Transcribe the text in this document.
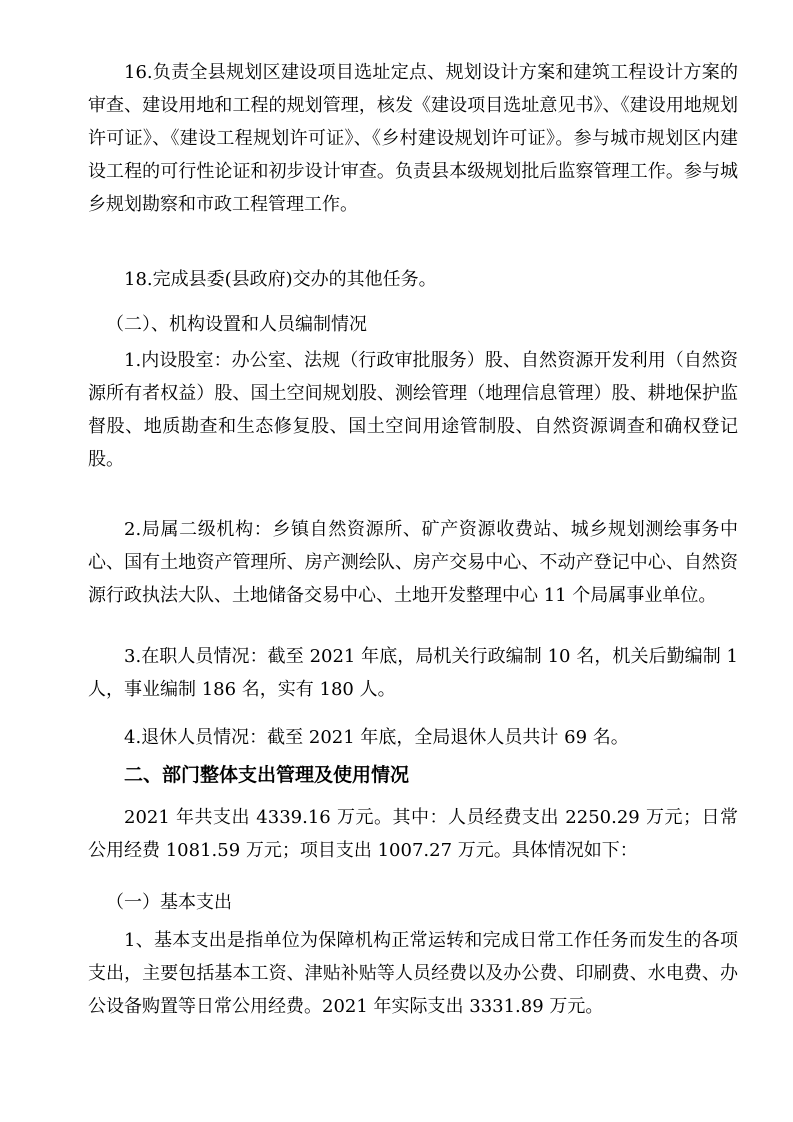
16.负责全县规划区建设项目选址定点、规划设计方案和建筑工程设计方案的审查、建设用地和工程的规划管理，核发《建设项目选址意见书》、《建设用地规划许可证》、《建设工程规划许可证》、《乡村建设规划许可证》。参与城市规划区内建设工程的可行性论证和初步设计审查。负责县本级规划批后监察管理工作。参与城乡规划勘察和市政工程管理工作。

18.完成县委(县政府)交办的其他任务。

（二）、机构设置和人员编制情况

1.内设股室：办公室、法规（行政审批服务）股、自然资源开发利用（自然资源所有者权益）股、国土空间规划股、测绘管理（地理信息管理）股、耕地保护监督股、地质勘查和生态修复股、国土空间用途管制股、自然资源调查和确权登记股。

2.局属二级机构：乡镇自然资源所、矿产资源收费站、城乡规划测绘事务中心、国有土地资产管理所、房产测绘队、房产交易中心、不动产登记中心、自然资源行政执法大队、土地储备交易中心、土地开发整理中心 11 个局属事业单位。

3.在职人员情况：截至 2021 年底，局机关行政编制 10 名，机关后勤编制 1 人，事业编制 186 名，实有 180 人。

4.退休人员情况：截至 2021 年底，全局退休人员共计 69 名。

二、部门整体支出管理及使用情况

2021 年共支出 4339.16 万元。其中：人员经费支出 2250.29 万元；日常公用经费 1081.59 万元；项目支出 1007.27 万元。具体情况如下：

（一）基本支出

1、基本支出是指单位为保障机构正常运转和完成日常工作任务而发生的各项支出，主要包括基本工资、津贴补贴等人员经费以及办公费、印刷费、水电费、办公设备购置等日常公用经费。2021 年实际支出 3331.89 万元。
